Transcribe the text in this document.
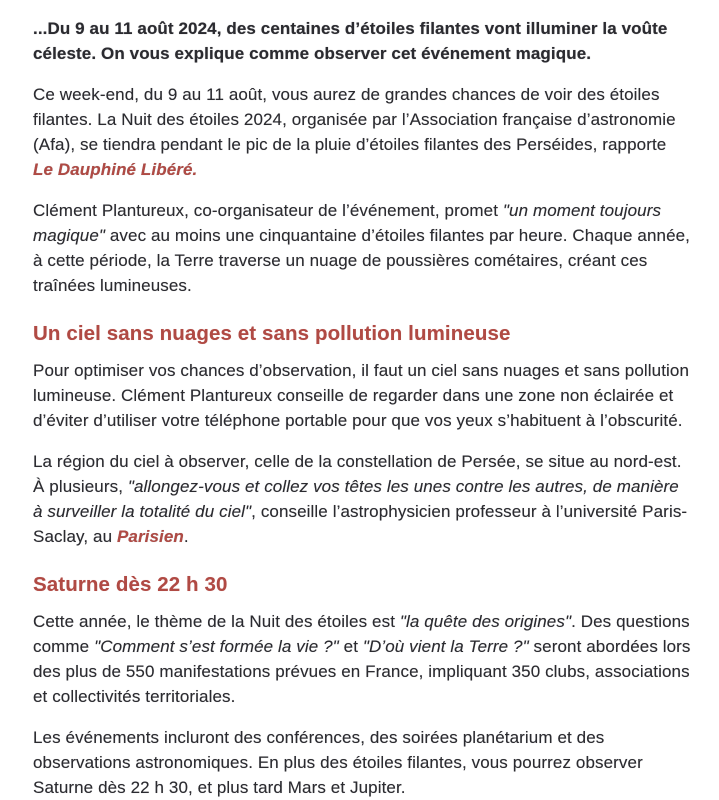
...Du 9 au 11 août 2024, des centaines d’étoiles filantes vont illuminer la voûte céleste. On vous explique comme observer cet événement magique.

Ce week-end, du 9 au 11 août, vous aurez de grandes chances de voir des étoiles filantes. La Nuit des étoiles 2024, organisée par l’Association française d’astronomie (Afa), se tiendra pendant le pic de la pluie d’étoiles filantes des Perséides, rapporte Le Dauphiné Libéré.

Clément Plantureux, co-organisateur de l’événement, promet "un moment toujours magique" avec au moins une cinquantaine d’étoiles filantes par heure. Chaque année, à cette période, la Terre traverse un nuage de poussières cométaires, créant ces traînées lumineuses.

Un ciel sans nuages et sans pollution lumineuse

Pour optimiser vos chances d’observation, il faut un ciel sans nuages et sans pollution lumineuse. Clément Plantureux conseille de regarder dans une zone non éclairée et d’éviter d’utiliser votre téléphone portable pour que vos yeux s’habituent à l’obscurité.

La région du ciel à observer, celle de la constellation de Persée, se situe au nord-est. À plusieurs, "allongez-vous et collez vos têtes les unes contre les autres, de manière à surveiller la totalité du ciel", conseille l’astrophysicien professeur à l’université Paris-Saclay, au Parisien.

Saturne dès 22 h 30

Cette année, le thème de la Nuit des étoiles est "la quête des origines". Des questions comme "Comment s’est formée la vie ?" et "D’où vient la Terre ?" seront abordées lors des plus de 550 manifestations prévues en France, impliquant 350 clubs, associations et collectivités territoriales.

Les événements incluront des conférences, des soirées planétarium et des observations astronomiques. En plus des étoiles filantes, vous pourrez observer Saturne dès 22 h 30, et plus tard Mars et Jupiter.
